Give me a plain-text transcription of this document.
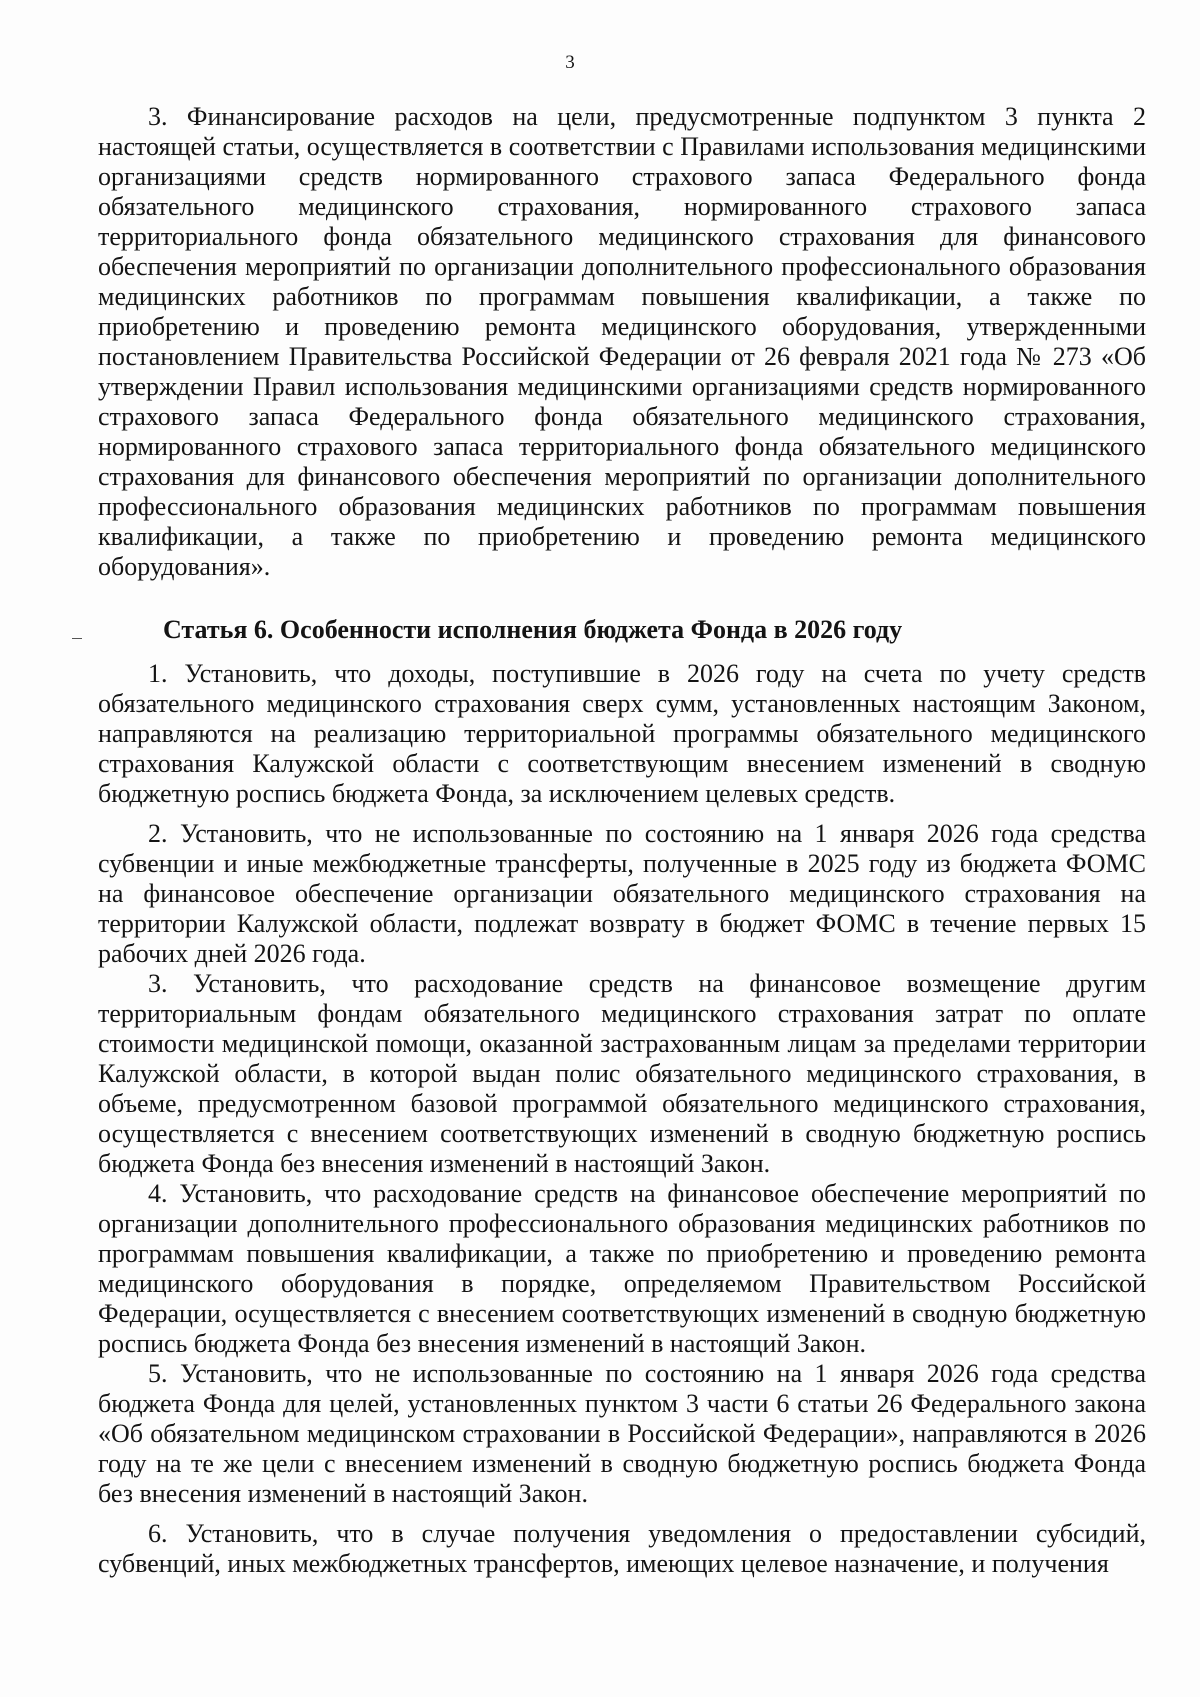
3

3. Финансирование расходов на цели, предусмотренные подпунктом 3 пункта 2 настоящей статьи, осуществляется в соответствии с Правилами использования медицинскими организациями средств нормированного страхового запаса Федерального фонда обязательного медицинского страхования, нормированного страхового запаса территориального фонда обязательного медицинского страхования для финансового обеспечения мероприятий по организации дополнительного профессионального образования медицинских работников по программам повышения квалификации, а также по приобретению и проведению ремонта медицинского оборудования, утвержденными постановлением Правительства Российской Федерации от 26 февраля 2021 года № 273 «Об утверждении Правил использования медицинскими организациями средств нормированного страхового запаса Федерального фонда обязательного медицинского страхования, нормированного страхового запаса территориального фонда обязательного медицинского страхования для финансового обеспечения мероприятий по организации дополнительного профессионального образования медицинских работников по программам повышения квалификации, а также по приобретению и проведению ремонта медицинского оборудования».

Статья 6. Особенности исполнения бюджета Фонда в 2026 году

1. Установить, что доходы, поступившие в 2026 году на счета по учету средств обязательного медицинского страхования сверх сумм, установленных настоящим Законом, направляются на реализацию территориальной программы обязательного медицинского страхования Калужской области с соответствующим внесением изменений в сводную бюджетную роспись бюджета Фонда, за исключением целевых средств.

2. Установить, что не использованные по состоянию на 1 января 2026 года средства субвенции и иные межбюджетные трансферты, полученные в 2025 году из бюджета ФОМС на финансовое обеспечение организации обязательного медицинского страхования на территории Калужской области, подлежат возврату в бюджет ФОМС в течение первых 15 рабочих дней 2026 года.

3. Установить, что расходование средств на финансовое возмещение другим территориальным фондам обязательного медицинского страхования затрат по оплате стоимости медицинской помощи, оказанной застрахованным лицам за пределами территории Калужской области, в которой выдан полис обязательного медицинского страхования, в объеме, предусмотренном базовой программой обязательного медицинского страхования, осуществляется с внесением соответствующих изменений в сводную бюджетную роспись бюджета Фонда без внесения изменений в настоящий Закон.

4. Установить, что расходование средств на финансовое обеспечение мероприятий по организации дополнительного профессионального образования медицинских работников по программам повышения квалификации, а также по приобретению и проведению ремонта медицинского оборудования в порядке, определяемом Правительством Российской Федерации, осуществляется с внесением соответствующих изменений в сводную бюджетную роспись бюджета Фонда без внесения изменений в настоящий Закон.

5. Установить, что не использованные по состоянию на 1 января 2026 года средства бюджета Фонда для целей, установленных пунктом 3 части 6 статьи 26 Федерального закона «Об обязательном медицинском страховании в Российской Федерации», направляются в 2026 году на те же цели с внесением изменений в сводную бюджетную роспись бюджета Фонда без внесения изменений в настоящий Закон.

6. Установить, что в случае получения уведомления о предоставлении субсидий, субвенций, иных межбюджетных трансфертов, имеющих целевое назначение, и получения
